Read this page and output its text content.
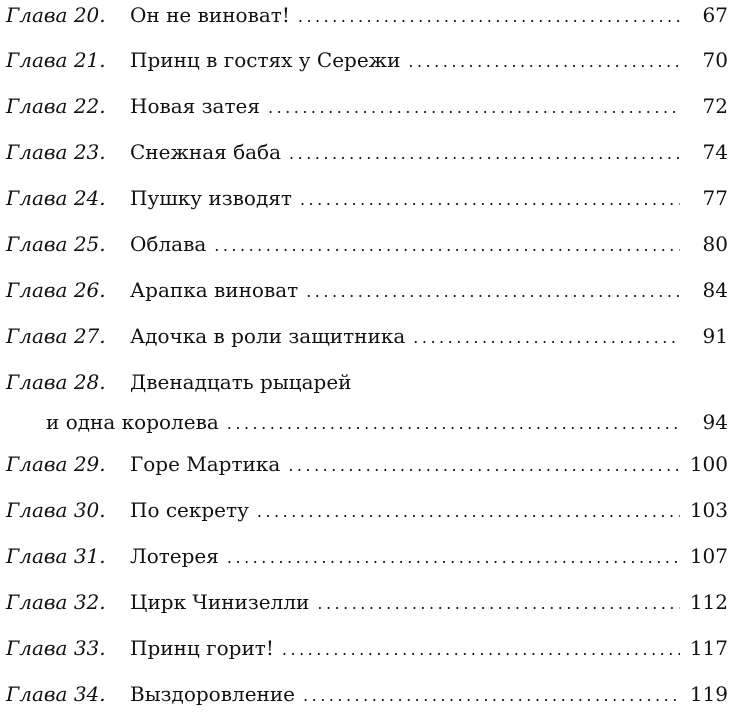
Глава 20.	Он не виноват! .....	67
Глава 21.	Принц в гостях у Сережи .....	70
Глава 22.	Новая затея .....	72
Глава 23.	Снежная баба .....	74
Глава 24.	Пушку изводят .....	77
Глава 25.	Облава .....	80
Глава 26.	Арапка виноват .....	84
Глава 27.	Адочка в роли защитника .....	91
Глава 28.	Двенадцать рыцарей
и одна королева .....	94
Глава 29.	Горе Мартика .....	100
Глава 30.	По секрету .....	103
Глава 31.	Лотерея .....	107
Глава 32.	Цирк Чинизелли .....	112
Глава 33.	Принц горит! .....	117
Глава 34.	Выздоровление .....	119
